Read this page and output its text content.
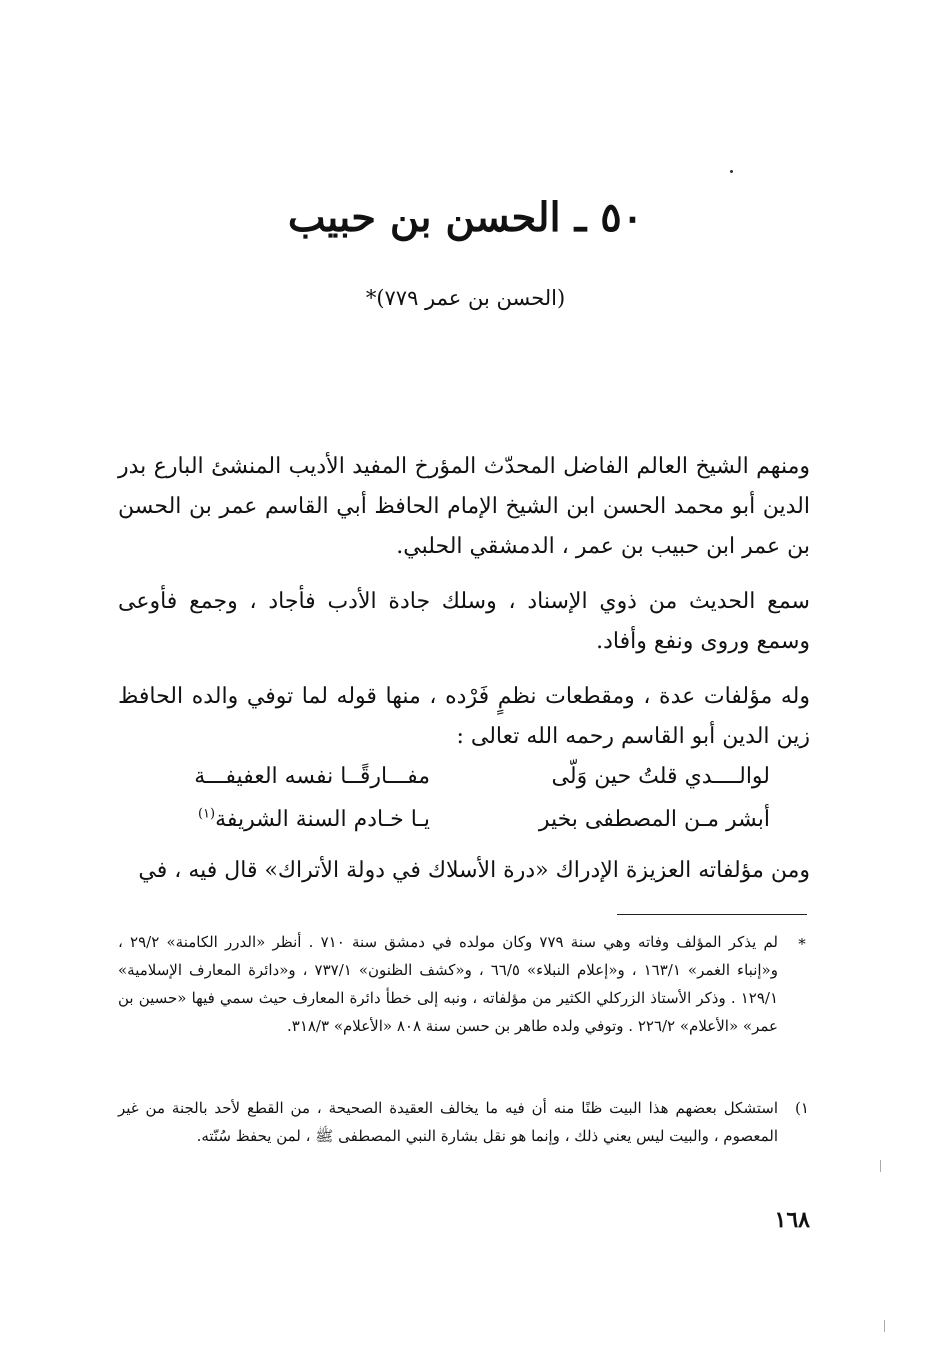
٥٠ ـ الحسن بن حبيب
(الحسن بن عمر ٧٧٩)*
ومنهم الشيخ العالم الفاضل المحدّث المؤرخ المفيد الأديب المنشئ البارع بدر الدين أبو محمد الحسن ابن الشيخ الإمام الحافظ أبي القاسم عمر بن الحسن بن عمر ابن حبيب بن عمر ، الدمشقي الحلبي.
سمع الحديث من ذوي الإسناد ، وسلك جادة الأدب فأجاد ، وجمع فأوعى وسمع وروى ونفع وأفاد.
وله مؤلفات عدة ، ومقطعات نظمٍ فَرْده ، منها قوله لما توفي والده الحافظ زين الدين أبو القاسم رحمه الله تعالى :
لوالــــدي قلتُ حين وَلّى
مفـــارقًــا نفسه العفيفـــة
أبشر مـن المصطفى بخير
يـا خـادم السنة الشريفة$^{(١)}$
ومن مؤلفاته العزيزة الإدراك «درة الأسلاك في دولة الأتراك» قال فيه ، في
*
لم يذكر المؤلف وفاته وهي سنة ٧٧٩ وكان مولده في دمشق سنة ٧١٠ . أنظر «الدرر الكامنة» ٢٩/٢ ، و«إنباء الغمر» ١٦٣/١ ، و«إعلام النبلاء» ٦٦/٥ ، و«كشف الظنون» ٧٣٧/١ ، و«دائرة المعارف الإسلامية» ١٢٩/١ . وذكر الأستاذ الزركلي الكثير من مؤلفاته ، ونبه إلى خطأ دائرة المعارف حيث سمي فيها «حسين بن عمر» «الأعلام» ٢٢٦/٢ . وتوفي ولده طاهر بن حسن سنة ٨٠٨ «الأعلام» ٣١٨/٣.
١)
استشكل بعضهم هذا البيت ظنًا منه أن فيه ما يخالف العقيدة الصحيحة ، من القطع لأحد بالجنة من غير المعصوم ، والبيت ليس يعني ذلك ، وإنما هو نقل بشارة النبي المصطفى ﷺ ، لمن يحفظ سُنّته.
١٦٨
